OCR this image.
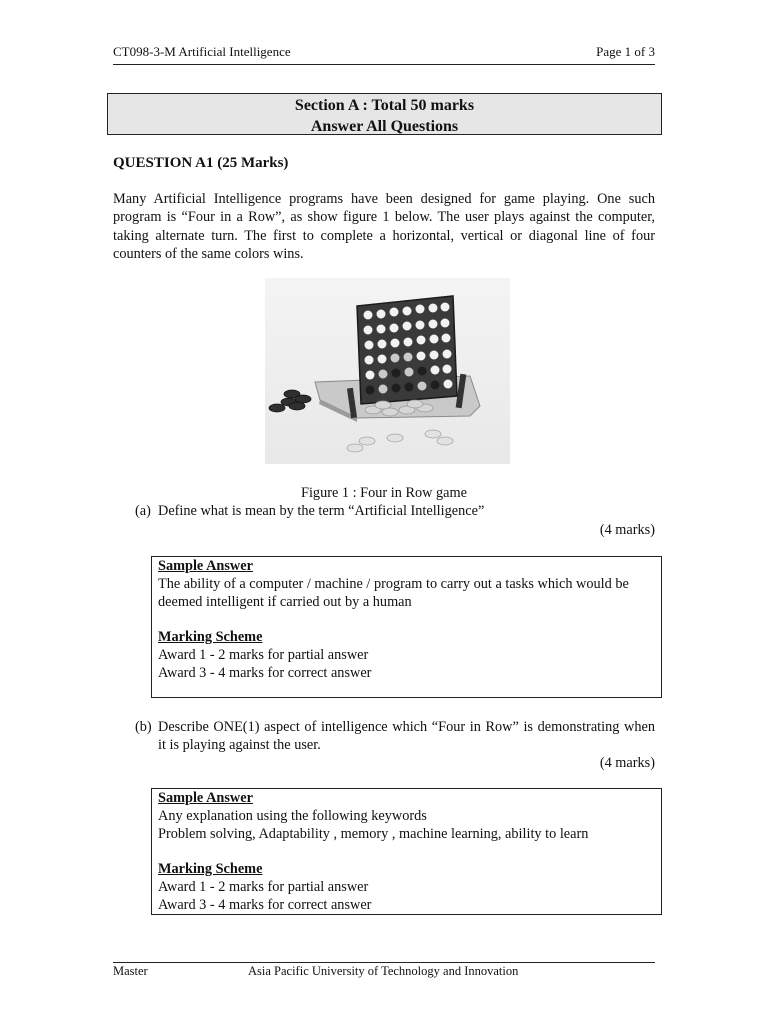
CT098-3-M Artificial Intelligence	Page 1 of 3
Section A : Total 50 marks
Answer All Questions
QUESTION A1 (25 Marks)
Many Artificial Intelligence programs have been designed for game playing. One such program is “Four in a Row”, as show figure 1 below. The user plays against the computer, taking alternate turn. The first to complete a horizontal, vertical or diagonal line of four counters of the same colors wins.
Figure 1 : Four in Row game
(a) Define what is mean by the term “Artificial Intelligence”
(4 marks)
Sample Answer
The ability of a computer / machine / program to carry out a tasks which would be deemed intelligent if carried out by a human
Marking Scheme
Award 1 - 2 marks for partial answer
Award 3 - 4 marks for correct answer
(b) Describe ONE(1) aspect of intelligence which “Four in Row” is demonstrating when it is playing against the user.
(4 marks)
Sample Answer
Any explanation using the following keywords
Problem solving, Adaptability , memory , machine learning, ability to learn
Marking Scheme
Award 1 - 2 marks for partial answer
Award 3 - 4 marks for correct answer
Master	Asia Pacific University of Technology and Innovation
